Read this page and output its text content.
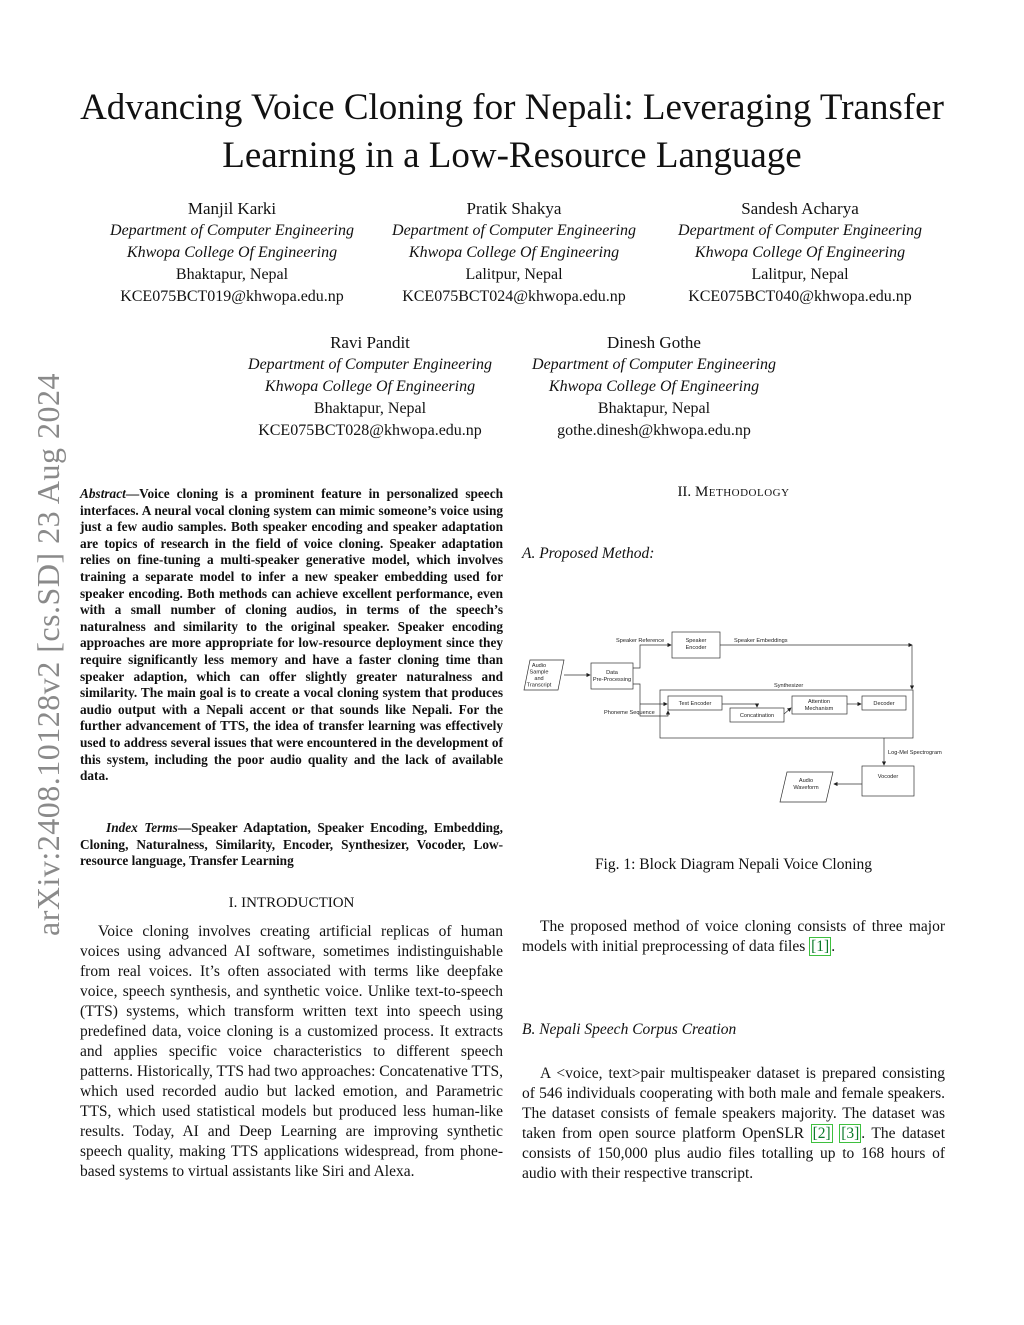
arXiv:2408.10128v2 [cs.SD] 23 Aug 2024
Advancing Voice Cloning for Nepali: Leveraging Transfer Learning in a Low-Resource Language
Manjil Karki
Department of Computer Engineering
Khwopa College Of Engineering
Bhaktapur, Nepal
KCE075BCT019@khwopa.edu.np
Pratik Shakya
Department of Computer Engineering
Khwopa College Of Engineering
Lalitpur, Nepal
KCE075BCT024@khwopa.edu.np
Sandesh Acharya
Department of Computer Engineering
Khwopa College Of Engineering
Lalitpur, Nepal
KCE075BCT040@khwopa.edu.np
Ravi Pandit
Department of Computer Engineering
Khwopa College Of Engineering
Bhaktapur, Nepal
KCE075BCT028@khwopa.edu.np
Dinesh Gothe
Department of Computer Engineering
Khwopa College Of Engineering
Bhaktapur, Nepal
gothe.dinesh@khwopa.edu.np
Abstract—Voice cloning is a prominent feature in personalized speech interfaces. A neural vocal cloning system can mimic someone’s voice using just a few audio samples. Both speaker encoding and speaker adaptation are topics of research in the field of voice cloning. Speaker adaptation relies on fine-tuning a multi-speaker generative model, which involves training a separate model to infer a new speaker embedding used for speaker encoding. Both methods can achieve excellent performance, even with a small number of cloning audios, in terms of the speech’s naturalness and similarity to the original speaker. Speaker encoding approaches are more appropriate for low-resource deployment since they require significantly less memory and have a faster cloning time than speaker adaption, which can offer slightly greater naturalness and similarity. The main goal is to create a vocal cloning system that produces audio output with a Nepali accent or that sounds like Nepali. For the further advancement of TTS, the idea of transfer learning was effectively used to address several issues that were encountered in the development of this system, including the poor audio quality and the lack of available data.
Index Terms—Speaker Adaptation, Speaker Encoding, Embedding, Cloning, Naturalness, Similarity, Encoder, Synthesizer, Vocoder, Low-resource language, Transfer Learning
I. INTRODUCTION
Voice cloning involves creating artificial replicas of human voices using advanced AI software, sometimes indistinguishable from real voices. It’s often associated with terms like deepfake voice, speech synthesis, and synthetic voice. Unlike text-to-speech (TTS) systems, which transform written text into speech using predefined data, voice cloning is a customized process. It extracts and applies specific voice characteristics to different speech patterns. Historically, TTS had two approaches: Concatenative TTS, which used recorded audio but lacked emotion, and Parametric TTS, which used statistical models but produced less human-like results. Today, AI and Deep Learning are improving synthetic speech quality, making TTS applications widespread, from phone-based systems to virtual assistants like Siri and Alexa.
II. Methodology
A. Proposed Method:
Audio
Sample
and
Transcript
Data
Pre-Processing
Speaker Reference	Speaker
Encoder
Speaker Embeddings
Synthesizer
Phoneme Sequence
Text Encoder
Concatination
Attention
Mechanism
Decoder
Log-Mel Spectrogram
Vocoder
Audio
Waveform
Fig. 1: Block Diagram Nepali Voice Cloning
The proposed method of voice cloning consists of three major models with initial preprocessing of data files [1] .
B. Nepali Speech Corpus Creation
A <voice, text>pair multispeaker dataset is prepared consisting of 546 individuals cooperating with both male and female speakers. The dataset consists of female speakers majority. The dataset was taken from open source platform OpenSLR [2] [3] . The dataset consists of 150,000 plus audio files totalling up to 168 hours of audio with their respective transcript.
